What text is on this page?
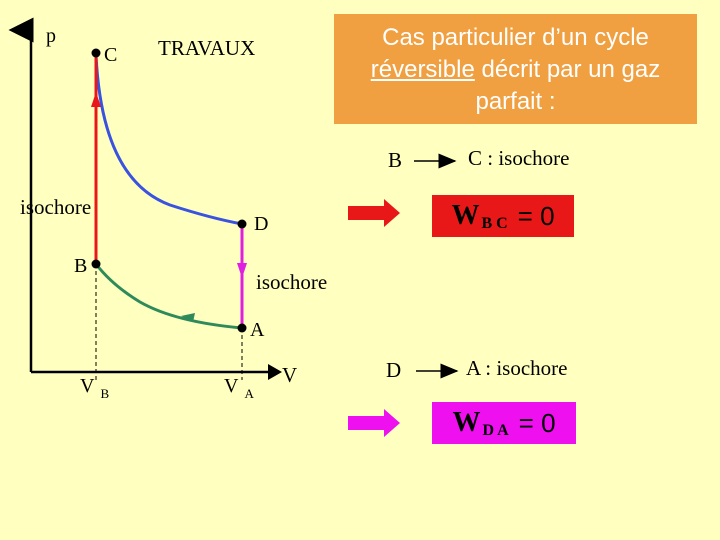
p
C TRAVAUX	Cas particulier d’un cycle
réversible décrit par un gaz
parfait :
B	C : isochore
isochore
D	W B C = 0
B
isochore
A
D	A : isochore
V
V $_B$	V $_A$
W D A = 0
